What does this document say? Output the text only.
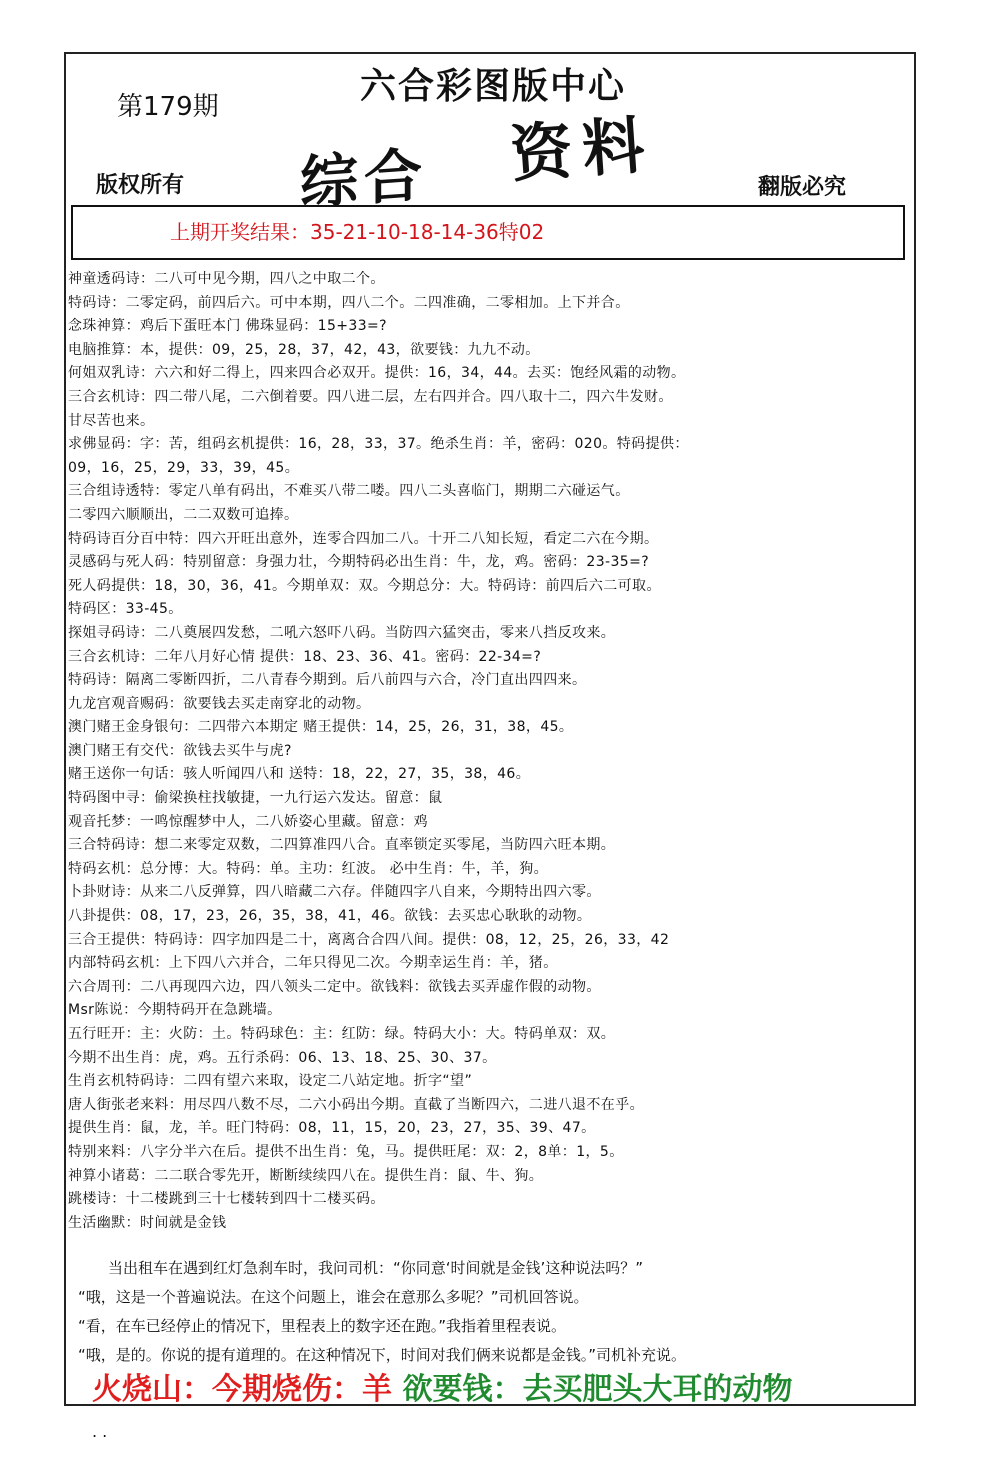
第179期	六合彩图版中心
综合 资料
版权所有	翻版必究
上期开奖结果：35-21-10-18-14-36特02
神童透码诗：二八可中见今期，四八之中取二个。
特码诗：二零定码，前四后六。可中本期，四八二个。二四准确，二零相加。上下并合。
念珠神算：鸡后下蛋旺本门 佛珠显码：15+33=?
电脑推算：本，提供：09，25，28，37，42，43，欲要钱：九九不动。
何姐双乳诗：六六和好二得上，四来四合必双开。提供：16，34，44。去买：饱经风霜的动物。
三合玄机诗：四二带八尾，二六倒着要。四八进二层，左右四并合。四八取十二，四六牛发财。
甘尽苦也来。
求佛显码：字：苦，组码玄机提供：16，28，33，37。绝杀生肖：羊，密码：020。特码提供：
09，16，25，29，33，39，45。
三合组诗透特：零定八单有码出，不难买八带二喽。四八二头喜临门，期期二六碰运气。
二零四六顺顺出，二二双数可追捧。
特码诗百分百中特：四六开旺出意外，连零合四加二八。十开二八知长短，看定二六在今期。
灵感码与死人码：特别留意：身强力壮，今期特码必出生肖：牛，龙，鸡。密码：23-35=?
死人码提供：18，30，36，41。今期单双：双。今期总分：大。特码诗：前四后六二可取。
特码区：33-45。
探姐寻码诗：二八奠展四发愁，二吼六怒吓八码。当防四六猛突击，零来八挡反攻来。
三合玄机诗：二年八月好心情 提供：18、23、36、41。密码：22-34=?
特码诗：隔离二零断四折，二八青春今期到。后八前四与六合，冷门直出四四来。
九龙宫观音赐码：欲要钱去买走南穿北的动物。
澳门赌王金身银句：二四带六本期定 赌王提供：14，25，26，31，38，45。
澳门赌王有交代：欲钱去买牛与虎?
赌王送你一句话：骇人听闻四八和 送特：18，22，27，35，38，46。
特码图中寻：偷梁换柱找敏捷，一九行运六发达。留意：鼠
观音托梦：一鸣惊醒梦中人，二八娇姿心里藏。留意：鸡
三合特码诗：想二来零定双数，二四算准四八合。直率锁定买零尾，当防四六旺本期。
特码玄机：总分博：大。特码：单。主功：红波。 必中生肖：牛，羊，狗。
卜卦财诗：从来二八反弹算，四八暗藏二六存。伴随四字八自来，今期特出四六零。
八卦提供：08，17，23，26，35，38，41，46。欲钱：去买忠心耿耿的动物。
三合王提供：特码诗：四字加四是二十，离离合合四八间。提供：08，12，25，26，33，42
内部特码玄机：上下四八六并合，二年只得见二次。今期幸运生肖：羊，猪。
六合周刊：二八再现四六边，四八领头二定中。欲钱料：欲钱去买弄虚作假的动物。
Msr陈说：今期特码开在急跳墙。
五行旺开：主：火防：土。特码球色：主：红防：绿。特码大小：大。特码单双：双。
今期不出生肖：虎，鸡。五行杀码：06、13、18、25、30、37。
生肖玄机特码诗：二四有望六来取，设定二八站定地。折字“望”
唐人街张老来料：用尽四八数不尽，二六小码出今期。直截了当断四六，二进八退不在乎。
提供生肖：鼠，龙，羊。旺门特码：08，11，15，20，23，27，35、39、47。
特别来料：八字分半六在后。提供不出生肖：兔，马。提供旺尾：双：2，8单：1，5。
神算小诸葛：二二联合零先开，断断续续四八在。提供生肖：鼠、牛、狗。
跳楼诗：十二楼跳到三十七楼转到四十二楼买码。
生活幽默：时间就是金钱
当出租车在遇到红灯急刹车时，我问司机：“你同意‘时间就是金钱’这种说法吗？”
“哦，这是一个普遍说法。在这个问题上，谁会在意那么多呢？”司机回答说。
“看，在车已经停止的情况下，里程表上的数字还在跑。”我指着里程表说。
“哦，是的。你说的提有道理的。在这种情况下，时间对我们俩来说都是金钱。”司机补充说。
火烧山：今期烧伤：羊 欲要钱：去买肥头大耳的动物
. .
